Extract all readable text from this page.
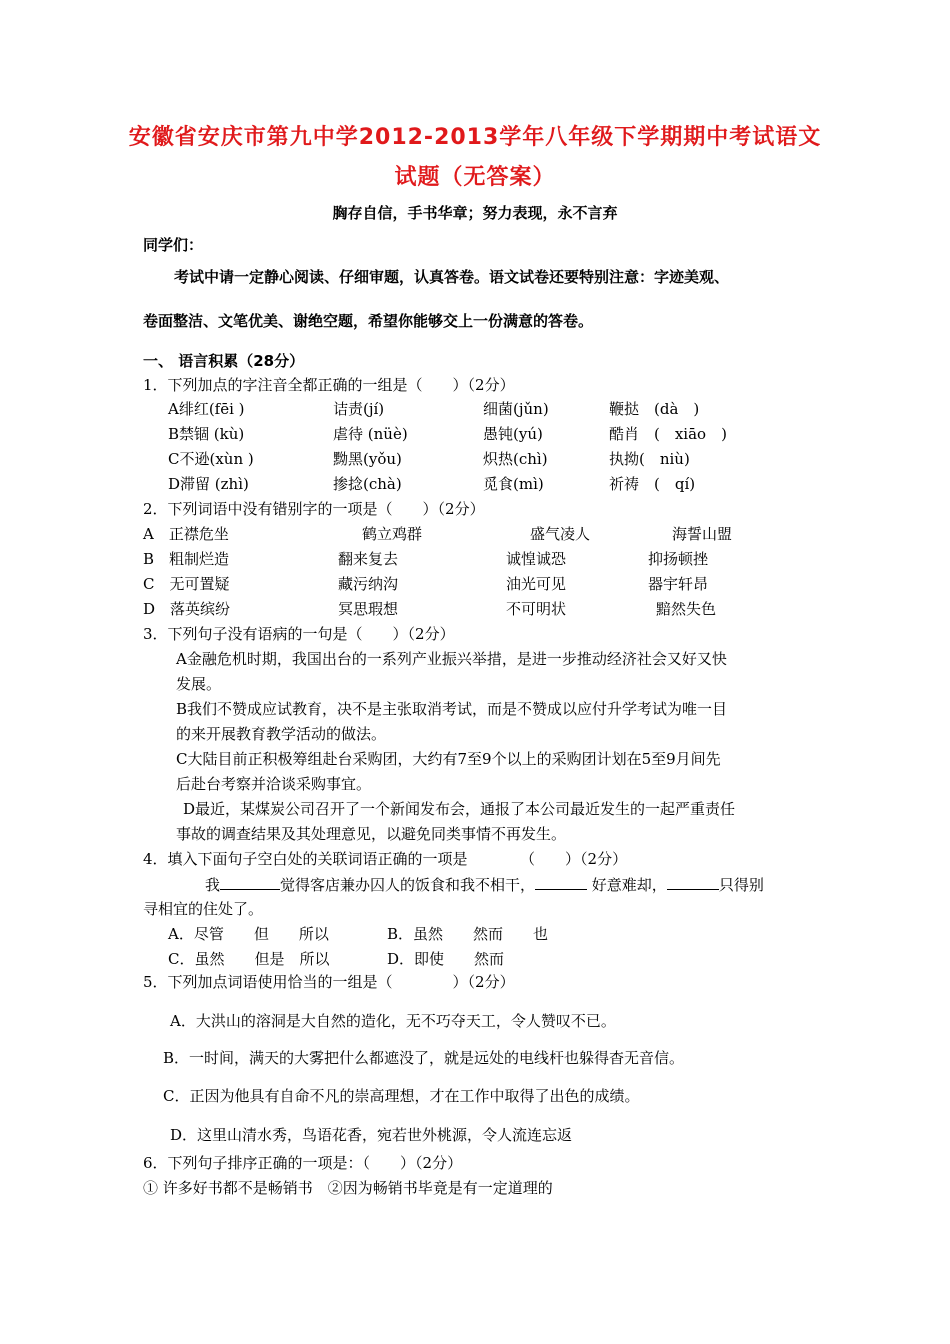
安徽省安庆市第九中学2012-2013学年八年级下学期期中考试语文
试题（无答案）
胸存自信，手书华章；努力表现，永不言弃
同学们：
考试中请一定静心阅读、仔细审题，认真答卷。语文试卷还要特别注意：字迹美观、
卷面整洁、文笔优美、谢绝空题，希望你能够交上一份满意的答卷。
一、 语言积累（28分）
1．下列加点的字注音全都正确的一组是（　　）（2分）
A绯红(fēi )	诘责(jí)	细菌(jǔn)	鞭挞　(dà　)
B禁锢 (kù)	虐待 (nüè)	愚钝(yú)	酷肖　(　xiāo　)
C不逊(xùn )	黝黑(yǒu)	炽热(chì)	执拗(　niù)
D滞留 (zhì)	掺捻(chà)	觅食(mì)	祈祷　(　qí)
2．下列词语中没有错别字的一项是（　　）（2分）
A　正襟危坐	鹤立鸡群	盛气凌人	海誓山盟
B　粗制烂造	翻来复去	诚惶诚恐	抑扬顿挫
C　无可置疑	藏污纳沟	油光可见	器宇轩昂
D　落英缤纷	冥思瑕想	不可明状	黯然失色
3．下列句子没有语病的一句是（　　）（2分）
A金融危机时期，我国出台的一系列产业振兴举措，是进一步推动经济社会又好又快
发展。
B我们不赞成应试教育，决不是主张取消考试，而是不赞成以应付升学考试为唯一目
的来开展教育教学活动的做法。
C大陆目前正积极筹组赴台采购团，大约有7至9个以上的采购团计划在5至9月间先
后赴台考察并洽谈采购事宜。
D最近，某煤炭公司召开了一个新闻发布会，通报了本公司最近发生的一起严重责任
事故的调查结果及其处理意见，以避免同类事情不再发生。
4．填入下面句子空白处的关联词语正确的一项是　　　　（　　）（2分）
我	觉得客店兼办囚人的饭食和我不相干，	好意难却，	只得别
寻相宜的住处了。
A．尽管　　但　　所以	B．虽然　　然而　　也
C．虽然　　但是　所以	D．即使　　然而
5．下列加点词语使用恰当的一组是（　　　　）（2分）
A．大洪山的溶洞是大自然的造化，无不巧夺天工，令人赞叹不已。
B．一时间，满天的大雾把什么都遮没了，就是远处的电线杆也躲得杳无音信。
C．正因为他具有自命不凡的崇高理想，才在工作中取得了出色的成绩。
D．这里山清水秀，鸟语花香，宛若世外桃源，令人流连忘返
6．下列句子排序正确的一项是：（　　）（2分）
① 许多好书都不是畅销书　②因为畅销书毕竟是有一定道理的
